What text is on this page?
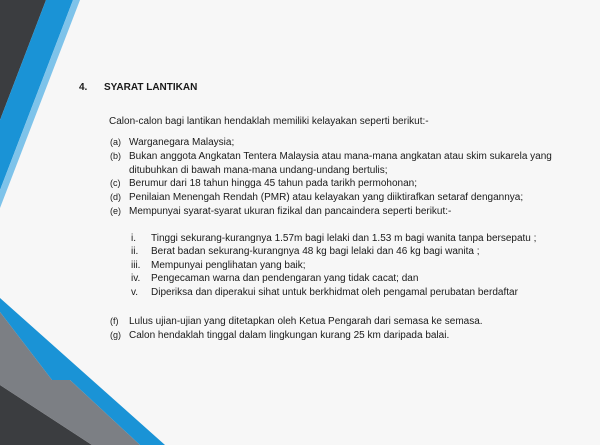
4. SYARAT LANTIKAN
Calon-calon bagi lantikan hendaklah memiliki kelayakan seperti berikut:-
(a) Warganegara Malaysia;
(b) Bukan anggota Angkatan Tentera Malaysia atau mana-mana angkatan atau skim sukarela yang ditubuhkan di bawah mana-mana undang-undang bertulis;
(c) Berumur dari 18 tahun hingga 45 tahun pada tarikh permohonan;
(d) Penilaian Menengah Rendah (PMR) atau kelayakan yang diiktirafkan setaraf dengannya;
(e) Mempunyai syarat-syarat ukuran fizikal dan pancaindera seperti berikut:-
i.	Tinggi sekurang-kurangnya 1.57m bagi lelaki dan 1.53 m bagi wanita tanpa bersepatu ;
ii.	Berat badan sekurang-kurangnya 48 kg bagi lelaki dan 46 kg bagi wanita ;
iii.	Mempunyai penglihatan yang baik;
iv.	Pengecaman warna dan pendengaran yang tidak cacat; dan
v.	Diperiksa dan diperakui sihat untuk berkhidmat oleh pengamal perubatan berdaftar
(f)	Lulus ujian-ujian yang ditetapkan oleh Ketua Pengarah dari semasa ke semasa.
(g) Calon hendaklah tinggal dalam lingkungan kurang 25 km daripada balai.
